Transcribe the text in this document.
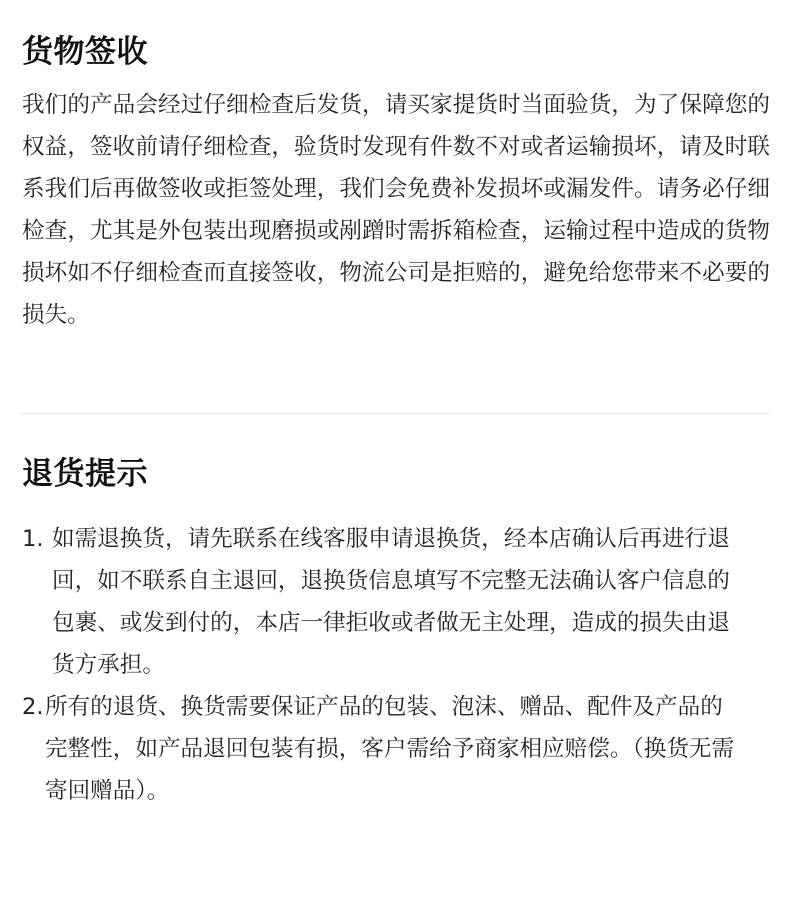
货物签收

我们的产品会经过仔细检查后发货，请买家提货时当面验货，为了保障您的权益，签收前请仔细检查，验货时发现有件数不对或者运输损坏，请及时联系我们后再做签收或拒签处理，我们会免费补发损坏或漏发件。请务必仔细检查，尤其是外包装出现磨损或剐蹭时需拆箱检查，运输过程中造成的货物损坏如不仔细检查而直接签收，物流公司是拒赔的，避免给您带来不必要的损失。

退货提示
1. 如需退换货，请先联系在线客服申请退换货，经本店确认后再进行退回，如不联系自主退回，退换货信息填写不完整无法确认客户信息的包裹、或发到付的，本店一律拒收或者做无主处理，造成的损失由退货方承担。
2. 所有的退货、换货需要保证产品的包装、泡沫、赠品、配件及产品的完整性，如产品退回包装有损，客户需给予商家相应赔偿。（换货无需寄回赠品）。
